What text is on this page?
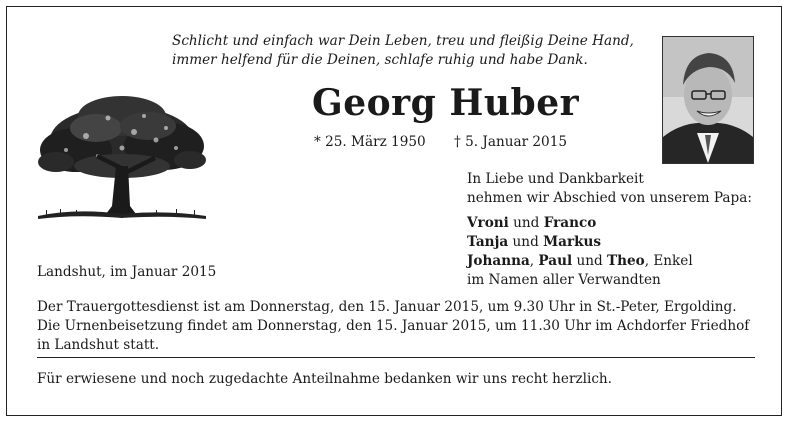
Schlicht und einfach war Dein Leben, treu und fleißig Deine Hand,
immer helfend für die Deinen, schlafe ruhig und habe Dank.
Georg Huber
* 25. März 1950 † 5. Januar 2015
Landshut, im Januar 2015
In Liebe und Dankbarkeit
nehmen wir Abschied von unserem Papa:
Vroni und Franco
Tanja und Markus
Johanna, Paul und Theo, Enkel
im Namen aller Verwandten
Der Trauergottesdienst ist am Donnerstag, den 15. Januar 2015, um 9.30 Uhr in St.-Peter, Ergolding.
Die Urnenbeisetzung findet am Donnerstag, den 15. Januar 2015, um 11.30 Uhr im Achdorfer Friedhof
in Landshut statt.
Für erwiesene und noch zugedachte Anteilnahme bedanken wir uns recht herzlich.
